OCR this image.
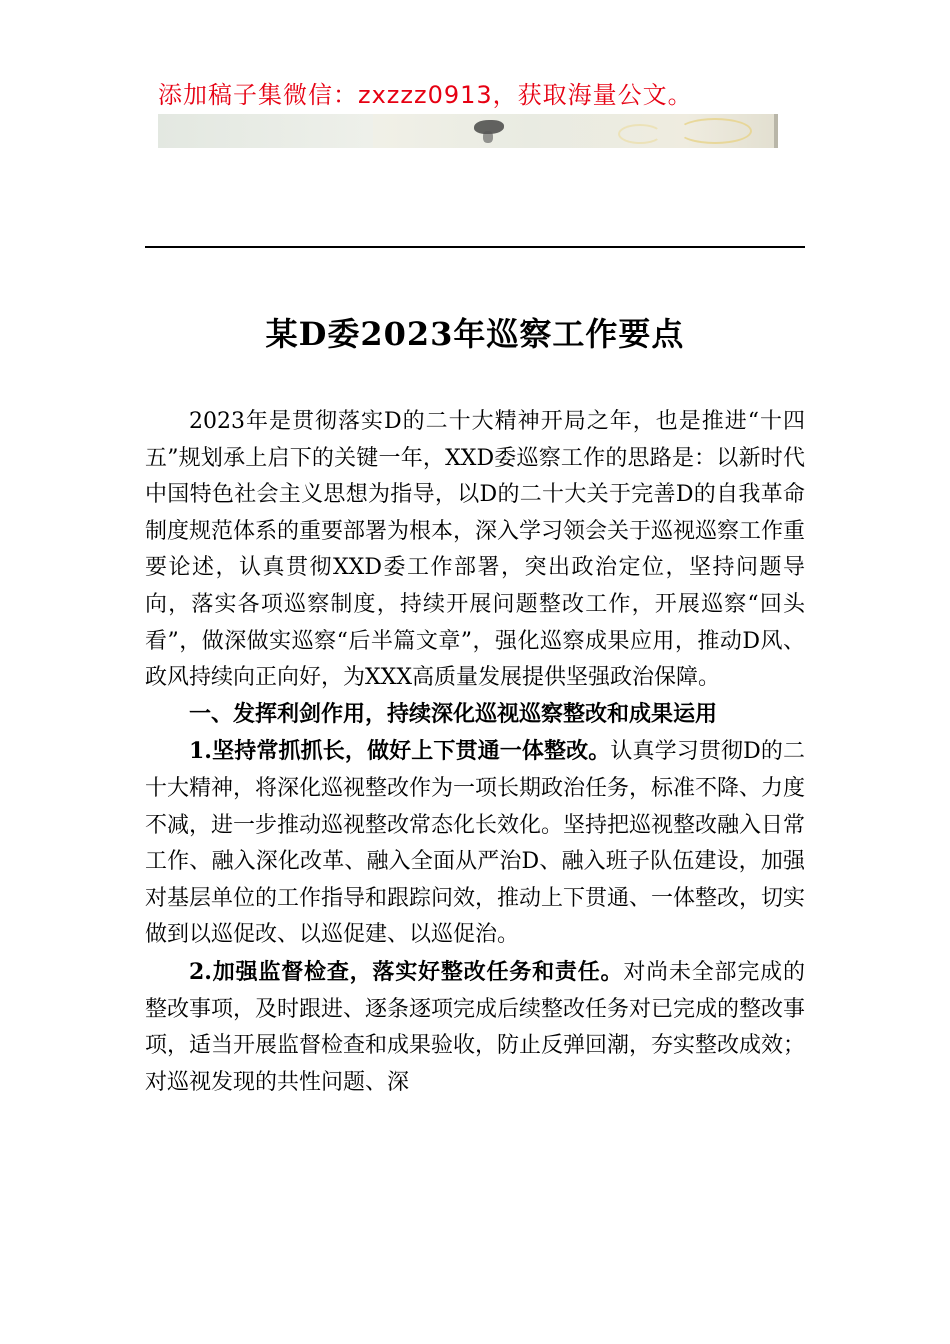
添加稿子集微信：zxzzz0913，获取海量公文。
某D委2023年巡察工作要点

2023年是贯彻落实D的二十大精神开局之年，也是推进“十四五”规划承上启下的关键一年，XXD委巡察工作的思路是：以新时代中国特色社会主义思想为指导，以D的二十大关于完善D的自我革命制度规范体系的重要部署为根本，深入学习领会关于巡视巡察工作重要论述，认真贯彻XXD委工作部署，突出政治定位，坚持问题导向，落实各项巡察制度，持续开展问题整改工作，开展巡察“回头看”，做深做实巡察“后半篇文章”，强化巡察成果应用，推动D风、政风持续向正向好，为XXX高质量发展提供坚强政治保障。

一、发挥利剑作用，持续深化巡视巡察整改和成果运用

1.坚持常抓抓长，做好上下贯通一体整改。认真学习贯彻D的二十大精神，将深化巡视整改作为一项长期政治任务，标准不降、力度不减，进一步推动巡视整改常态化长效化。坚持把巡视整改融入日常工作、融入深化改革、融入全面从严治D、融入班子队伍建设，加强对基层单位的工作指导和跟踪问效，推动上下贯通、一体整改，切实做到以巡促改、以巡促建、以巡促治。

2.加强监督检查，落实好整改任务和责任。对尚未全部完成的整改事项，及时跟进、逐条逐项完成后续整改任务对已完成的整改事项，适当开展监督检查和成果验收，防止反弹回潮，夯实整改成效；对巡视发现的共性问题、深
